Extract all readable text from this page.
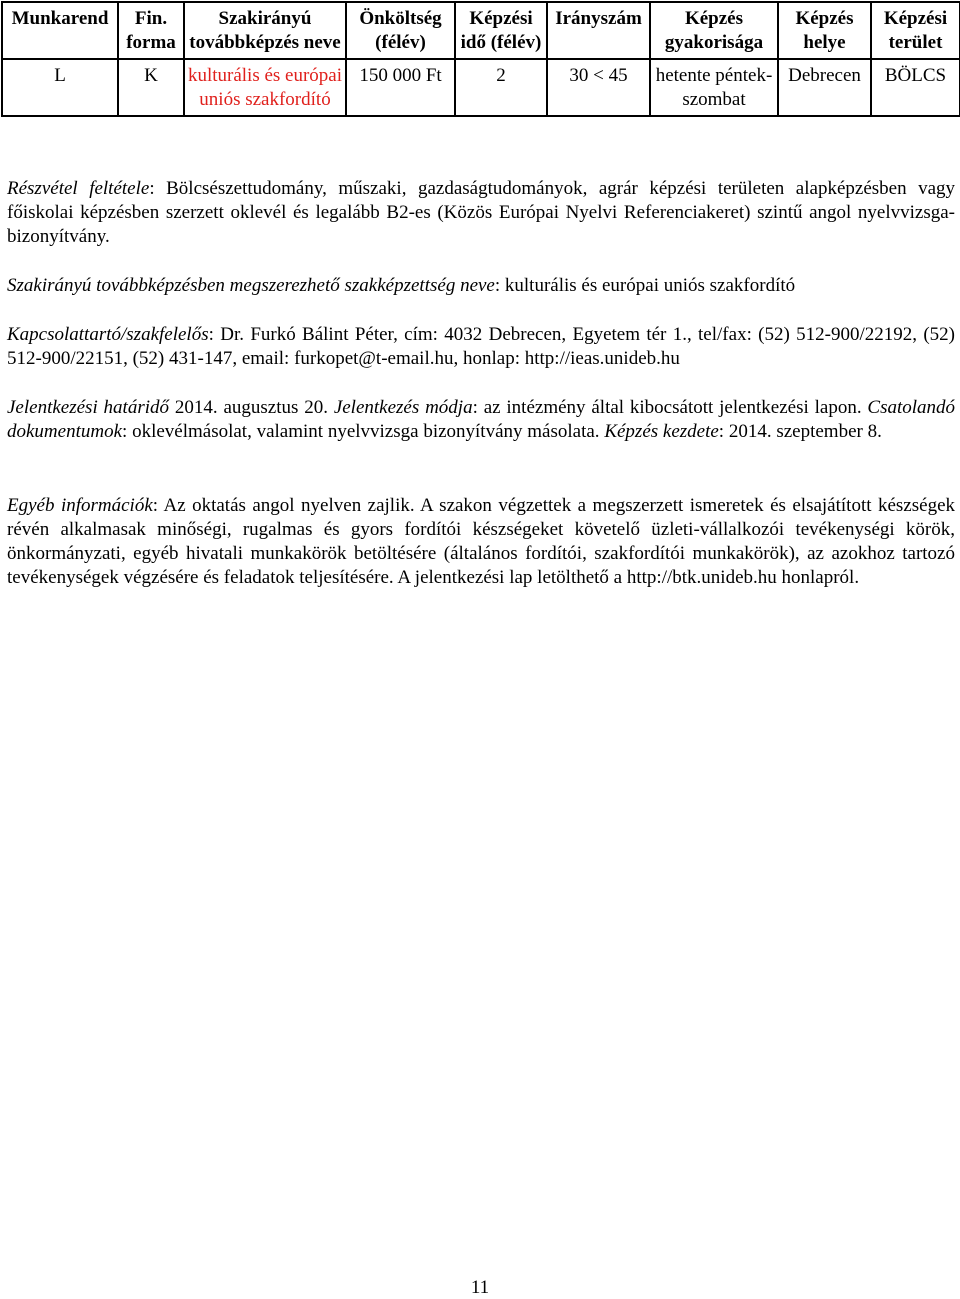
Munkarend	Fin. forma	Szakirányú továbbképzés neve	Önköltség (félév)	Képzési idő (félév)	Irányszám	Képzés gyakorisága	Képzés helye	Képzési terület
L	K	kulturális és európai uniós szakfordító	150 000 Ft	2	30 < 45	hetente péntek-szombat	Debrecen	BÖLCS

Részvétel feltétele: Bölcsészettudomány, műszaki, gazdaságtudományok, agrár képzési területen alapképzésben vagy főiskolai képzésben szerzett oklevél és legalább B2-es (Közös Európai Nyelvi Referenciakeret) szintű angol nyelvvizsga- bizonyítvány.

Szakirányú továbbképzésben megszerezhető szakképzettség neve: kulturális és európai uniós szakfordító

Kapcsolattartó/szakfelelős: Dr. Furkó Bálint Péter, cím: 4032 Debrecen, Egyetem tér 1., tel/fax: (52) 512-900/22192, (52) 512-900/22151, (52) 431-147, email: furkopet@t-email.hu, honlap: http://ieas.unideb.hu

Jelentkezési határidő 2014. augusztus 20. Jelentkezés módja: az intézmény által kibocsátott jelentkezési lapon. Csatolandó dokumentumok: oklevélmásolat, valamint nyelvvizsga bizonyítvány másolata. Képzés kezdete: 2014. szeptember 8.

Egyéb információk: Az oktatás angol nyelven zajlik. A szakon végzettek a megszerzett ismeretek és elsajátított készségek révén alkalmasak minőségi, rugalmas és gyors fordítói készségeket követelő üzleti-vállalkozói tevékenységi körök, önkormányzati, egyéb hivatali munkakörök betöltésére (általános fordítói, szakfordítói munkakörök), az azokhoz tartozó tevékenységek végzésére és feladatok teljesítésére. A jelentkezési lap letölthető a http://btk.unideb.hu honlapról.

11
